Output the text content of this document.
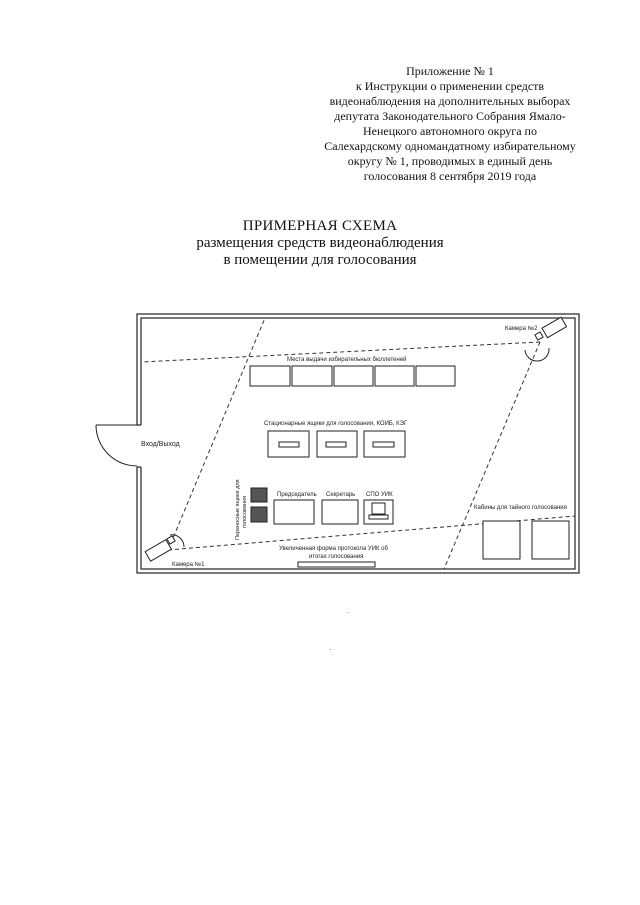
Приложение № 1
к Инструкции о применении средств
видеонаблюдения на дополнительных выборах
депутата Законодательного Собрания Ямало-
Ненецкого автономного округа по
Салехардскому одномандатному избирательному
округу № 1, проводимых в единый день
голосования 8 сентября 2019 года
ПРИМЕРНАЯ СХЕМА
размещения средств видеонаблюдения
в помещении для голосования
Камера №2
Камера №1
Места выдачи избирательных бюллетеней
Стационарные ящики для голосования, КОИБ, КЭГ
Вход/Выход
Переносные ящики для голосования
Председатель Секретарь СПО УИК
Кабины для тайного голосования
Увеличенная форма протокола УИК об
итогах голосования
